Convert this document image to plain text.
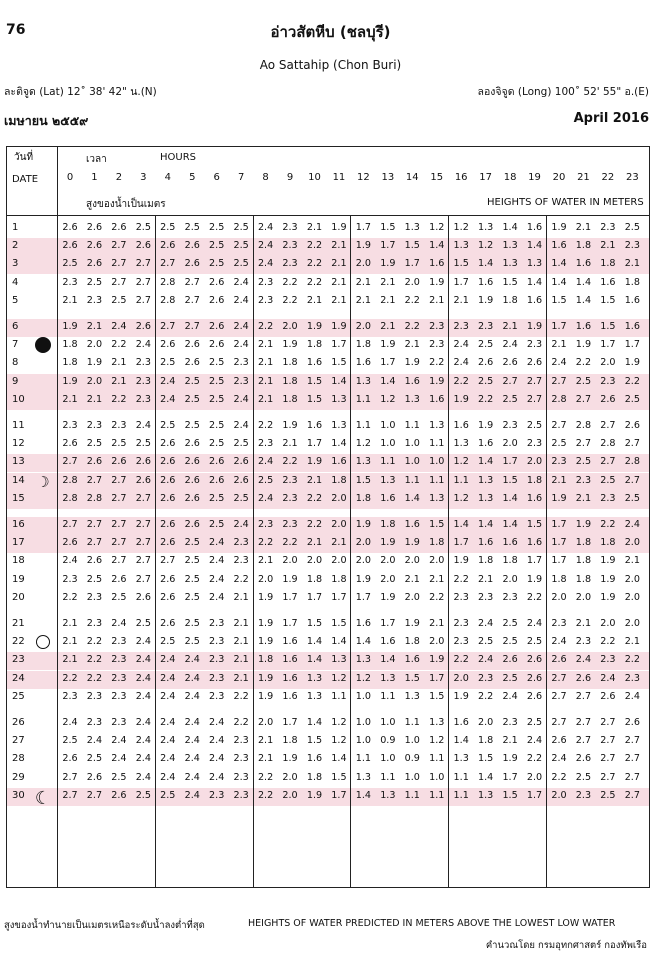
76	อ่าวสัตหีบ (ชลบุรี)
Ao Sattahip (Chon Buri)
ละติจูด (Lat) 12˚ 38' 42" น.(N)	ลองจิจูด (Long) 100˚ 52' 55" อ.(E)
เมษายน ๒๕๕๙	April 2016
วันที่
DATE
เวลา	HOURS
สูงของน้ำเป็นเมตร	HEIGHTS OF WATER IN METERS
0	1	2	3	4	5	6	7	8	9	10	11	12	13	14	15	16	17	18	19	20	21	22	23
1	2.6 2.6 2.6 2.5 2.5 2.5 2.5 2.5 2.4 2.3 2.1 1.9 1.7 1.5 1.3 1.2 1.2 1.3 1.4 1.6 1.9 2.1 2.3 2.5
2	2.6 2.6 2.7 2.6 2.6 2.6 2.5 2.5 2.4 2.3 2.2 2.1 1.9 1.7 1.5 1.4 1.3 1.2 1.3 1.4 1.6 1.8 2.1 2.3
3	2.5 2.6 2.7 2.7 2.7 2.6 2.5 2.5 2.4 2.3 2.2 2.1 2.0 1.9 1.7 1.6 1.5 1.4 1.3 1.3 1.4 1.6 1.8 2.1
4	2.3 2.5 2.7 2.7 2.8 2.7 2.6 2.4 2.3 2.2 2.2 2.1 2.1 2.1 2.0 1.9 1.7 1.6 1.5 1.4 1.4 1.4 1.6 1.8
5	2.1 2.3 2.5 2.7 2.8 2.7 2.6 2.4 2.3 2.2 2.1 2.1 2.1 2.1 2.2 2.1 2.1 1.9 1.8 1.6 1.5 1.4 1.5 1.6
6	1.9 2.1 2.4 2.6 2.7 2.7 2.6 2.4 2.2 2.0 1.9 1.9 2.0 2.1 2.2 2.3 2.3 2.3 2.1 1.9 1.7 1.6 1.5 1.6
7	1.8 2.0 2.2 2.4 2.6 2.6 2.6 2.4 2.1 1.9 1.8 1.7 1.8 1.9 2.1 2.3 2.4 2.5 2.4 2.3 2.1 1.9 1.7 1.7
8	1.8 1.9 2.1 2.3 2.5 2.6 2.5 2.3 2.1 1.8 1.6 1.5 1.6 1.7 1.9 2.2 2.4 2.6 2.6 2.6 2.4 2.2 2.0 1.9
9	1.9 2.0 2.1 2.3 2.4 2.5 2.5 2.3 2.1 1.8 1.5 1.4 1.3 1.4 1.6 1.9 2.2 2.5 2.7 2.7 2.7 2.5 2.3 2.2
10	2.1 2.1 2.2 2.3 2.4 2.5 2.5 2.4 2.1 1.8 1.5 1.3 1.1 1.2 1.3 1.6 1.9 2.2 2.5 2.7 2.8 2.7 2.6 2.5
11	2.3 2.3 2.3 2.4 2.5 2.5 2.5 2.4 2.2 1.9 1.6 1.3 1.1 1.0 1.1 1.3 1.6 1.9 2.3 2.5 2.7 2.8 2.7 2.6
12	2.6 2.5 2.5 2.5 2.6 2.6 2.5 2.5 2.3 2.1 1.7 1.4 1.2 1.0 1.0 1.1 1.3 1.6 2.0 2.3 2.5 2.7 2.8 2.7
13	2.7 2.6 2.6 2.6 2.6 2.6 2.6 2.6 2.4 2.2 1.9 1.6 1.3 1.1 1.0 1.0 1.2 1.4 1.7 2.0 2.3 2.5 2.7 2.8
14 ☽	2.8 2.7 2.7 2.6 2.6 2.6 2.6 2.6 2.5 2.3 2.1 1.8 1.5 1.3 1.1 1.1 1.1 1.3 1.5 1.8 2.1 2.3 2.5 2.7
15	2.8 2.8 2.7 2.7 2.6 2.6 2.5 2.5 2.4 2.3 2.2 2.0 1.8 1.6 1.4 1.3 1.2 1.3 1.4 1.6 1.9 2.1 2.3 2.5
16	2.7 2.7 2.7 2.7 2.6 2.6 2.5 2.4 2.3 2.3 2.2 2.0 1.9 1.8 1.6 1.5 1.4 1.4 1.4 1.5 1.7 1.9 2.2 2.4
17	2.6 2.7 2.7 2.7 2.6 2.5 2.4 2.3 2.2 2.2 2.1 2.1 2.0 1.9 1.9 1.8 1.7 1.6 1.6 1.6 1.7 1.8 1.8 2.0
18	2.4 2.6 2.7 2.7 2.7 2.5 2.4 2.3 2.1 2.0 2.0 2.0 2.0 2.0 2.0 2.0 1.9 1.8 1.8 1.7 1.7 1.8 1.9 2.1
19	2.3 2.5 2.6 2.7 2.6 2.5 2.4 2.2 2.0 1.9 1.8 1.8 1.9 2.0 2.1 2.1 2.2 2.1 2.0 1.9 1.8 1.8 1.9 2.0
20	2.2 2.3 2.5 2.6 2.6 2.5 2.4 2.1 1.9 1.7 1.7 1.7 1.7 1.9 2.0 2.2 2.3 2.3 2.3 2.2 2.0 2.0 1.9 2.0
21	2.1 2.3 2.4 2.5 2.6 2.5 2.3 2.1 1.9 1.7 1.5 1.5 1.6 1.7 1.9 2.1 2.3 2.4 2.5 2.4 2.3 2.1 2.0 2.0
22	2.1 2.2 2.3 2.4 2.5 2.5 2.3 2.1 1.9 1.6 1.4 1.4 1.4 1.6 1.8 2.0 2.3 2.5 2.5 2.5 2.4 2.3 2.2 2.1
23	2.1 2.2 2.3 2.4 2.4 2.4 2.3 2.1 1.8 1.6 1.4 1.3 1.3 1.4 1.6 1.9 2.2 2.4 2.6 2.6 2.6 2.4 2.3 2.2
24	2.2 2.2 2.3 2.4 2.4 2.4 2.3 2.1 1.9 1.6 1.3 1.2 1.2 1.3 1.5 1.7 2.0 2.3 2.5 2.6 2.7 2.6 2.4 2.3
25	2.3 2.3 2.3 2.4 2.4 2.4 2.3 2.2 1.9 1.6 1.3 1.1 1.0 1.1 1.3 1.5 1.9 2.2 2.4 2.6 2.7 2.7 2.6 2.4
26	2.4 2.3 2.3 2.4 2.4 2.4 2.4 2.2 2.0 1.7 1.4 1.2 1.0 1.0 1.1 1.3 1.6 2.0 2.3 2.5 2.7 2.7 2.7 2.6
27	2.5 2.4 2.4 2.4 2.4 2.4 2.4 2.3 2.1 1.8 1.5 1.2 1.0 0.9 1.0 1.2 1.4 1.8 2.1 2.4 2.6 2.7 2.7 2.7
28	2.6 2.5 2.4 2.4 2.4 2.4 2.4 2.3 2.1 1.9 1.6 1.4 1.1 1.0 0.9 1.1 1.3 1.5 1.9 2.2 2.4 2.6 2.7 2.7
29	2.7 2.6 2.5 2.4 2.4 2.4 2.4 2.3 2.2 2.0 1.8 1.5 1.3 1.1 1.0 1.0 1.1 1.4 1.7 2.0 2.2 2.5 2.7 2.7
30 ☾	2.7 2.7 2.6 2.5 2.5 2.4 2.3 2.3 2.2 2.0 1.9 1.7 1.4 1.3 1.1 1.1 1.1 1.3 1.5 1.7 2.0 2.3 2.5 2.7
สูงของน้ำทำนายเป็นเมตรเหนือระดับน้ำลงต่ำที่สุด	HEIGHTS OF WATER PREDICTED IN METERS ABOVE THE LOWEST LOW WATER
คำนวณโดย กรมอุทกศาสตร์ กองทัพเรือ
